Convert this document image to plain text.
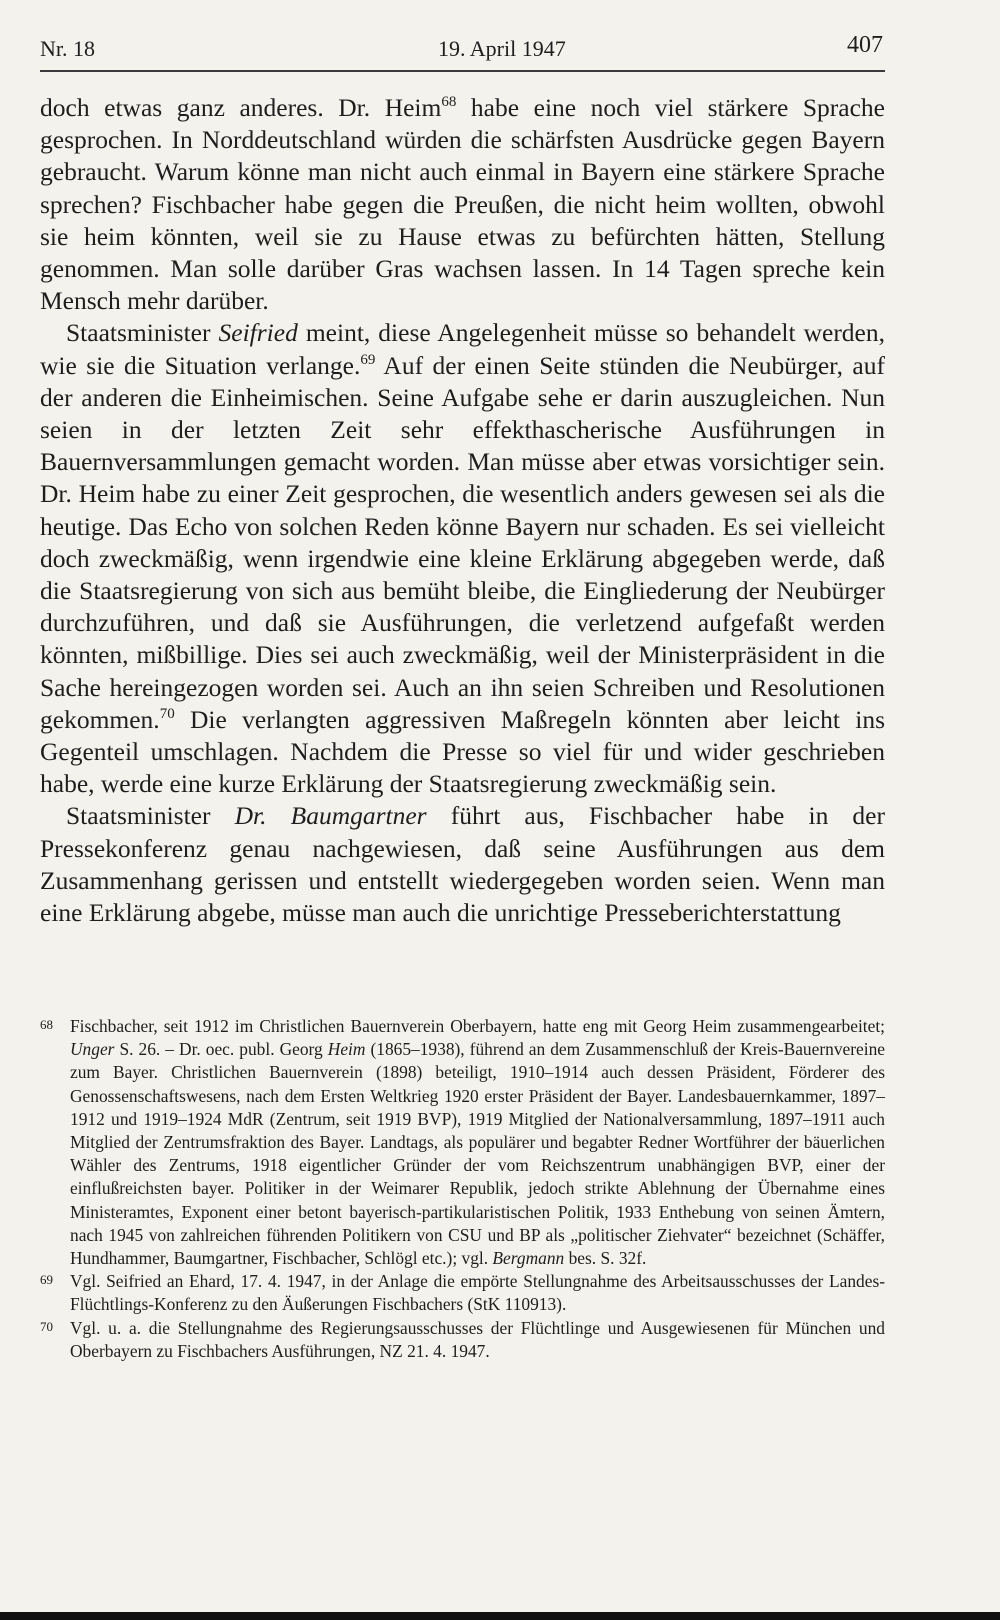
Nr. 18	19. April 1947	407

doch etwas ganz anderes. Dr. Heim$^{68}$ habe eine noch viel stärkere Sprache gesprochen. In Norddeutschland würden die schärfsten Ausdrücke gegen Bayern gebraucht. Warum könne man nicht auch einmal in Bayern eine stärkere Sprache sprechen? Fischbacher habe gegen die Preußen, die nicht heim wollten, obwohl sie heim könnten, weil sie zu Hause etwas zu befürchten hätten, Stellung genommen. Man solle darüber Gras wachsen lassen. In 14 Tagen spreche kein Mensch mehr darüber.

Staatsminister Seifried meint, diese Angelegenheit müsse so behandelt werden, wie sie die Situation verlange.$^{69}$ Auf der einen Seite stünden die Neubürger, auf der anderen die Einheimischen. Seine Aufgabe sehe er darin auszugleichen. Nun seien in der letzten Zeit sehr effekthascherische Ausführungen in Bauernversammlungen gemacht worden. Man müsse aber etwas vorsichtiger sein. Dr. Heim habe zu einer Zeit gesprochen, die wesentlich anders gewesen sei als die heutige. Das Echo von solchen Reden könne Bayern nur schaden. Es sei vielleicht doch zweckmäßig, wenn irgendwie eine kleine Erklärung abgegeben werde, daß die Staatsregierung von sich aus bemüht bleibe, die Eingliederung der Neubürger durchzuführen, und daß sie Ausführungen, die verletzend aufgefaßt werden könnten, mißbillige. Dies sei auch zweckmäßig, weil der Ministerpräsident in die Sache hereingezogen worden sei. Auch an ihn seien Schreiben und Resolutionen gekommen.$^{70}$ Die verlangten aggressiven Maßregeln könnten aber leicht ins Gegenteil umschlagen. Nachdem die Presse so viel für und wider geschrieben habe, werde eine kurze Erklärung der Staatsregierung zweckmäßig sein.

Staatsminister Dr. Baumgartner führt aus, Fischbacher habe in der Pressekonferenz genau nachgewiesen, daß seine Ausführungen aus dem Zusammenhang gerissen und entstellt wiedergegeben worden seien. Wenn man eine Erklärung abgebe, müsse man auch die unrichtige Presseberichterstattung

68 Fischbacher, seit 1912 im Christlichen Bauernverein Oberbayern, hatte eng mit Georg Heim zusammengearbeitet; Unger S. 26. – Dr. oec. publ. Georg Heim (1865–1938), führend an dem Zusammenschluß der Kreis-Bauernvereine zum Bayer. Christlichen Bauernverein (1898) beteiligt, 1910–1914 auch dessen Präsident, Förderer des Genossenschaftswesens, nach dem Ersten Weltkrieg 1920 erster Präsident der Bayer. Landesbauernkammer, 1897–1912 und 1919–1924 MdR (Zentrum, seit 1919 BVP), 1919 Mitglied der Nationalversammlung, 1897–1911 auch Mitglied der Zentrumsfraktion des Bayer. Landtags, als populärer und begabter Redner Wortführer der bäuerlichen Wähler des Zentrums, 1918 eigentlicher Gründer der vom Reichszentrum unabhängigen BVP, einer der einflußreichsten bayer. Politiker in der Weimarer Republik, jedoch strikte Ablehnung der Übernahme eines Ministeramtes, Exponent einer betont bayerisch-partikularistischen Politik, 1933 Enthebung von seinen Ämtern, nach 1945 von zahlreichen führenden Politikern von CSU und BP als „politischer Ziehvater“ bezeichnet (Schäffer, Hundhammer, Baumgartner, Fischbacher, Schlögl etc.); vgl. Bergmann bes. S. 32f.

69 Vgl. Seifried an Ehard, 17. 4. 1947, in der Anlage die empörte Stellungnahme des Arbeitsausschusses der Landes-Flüchtlings-Konferenz zu den Äußerungen Fischbachers (StK 110913).

70 Vgl. u. a. die Stellungnahme des Regierungsausschusses der Flüchtlinge und Ausgewiesenen für München und Oberbayern zu Fischbachers Ausführungen, NZ 21. 4. 1947.
